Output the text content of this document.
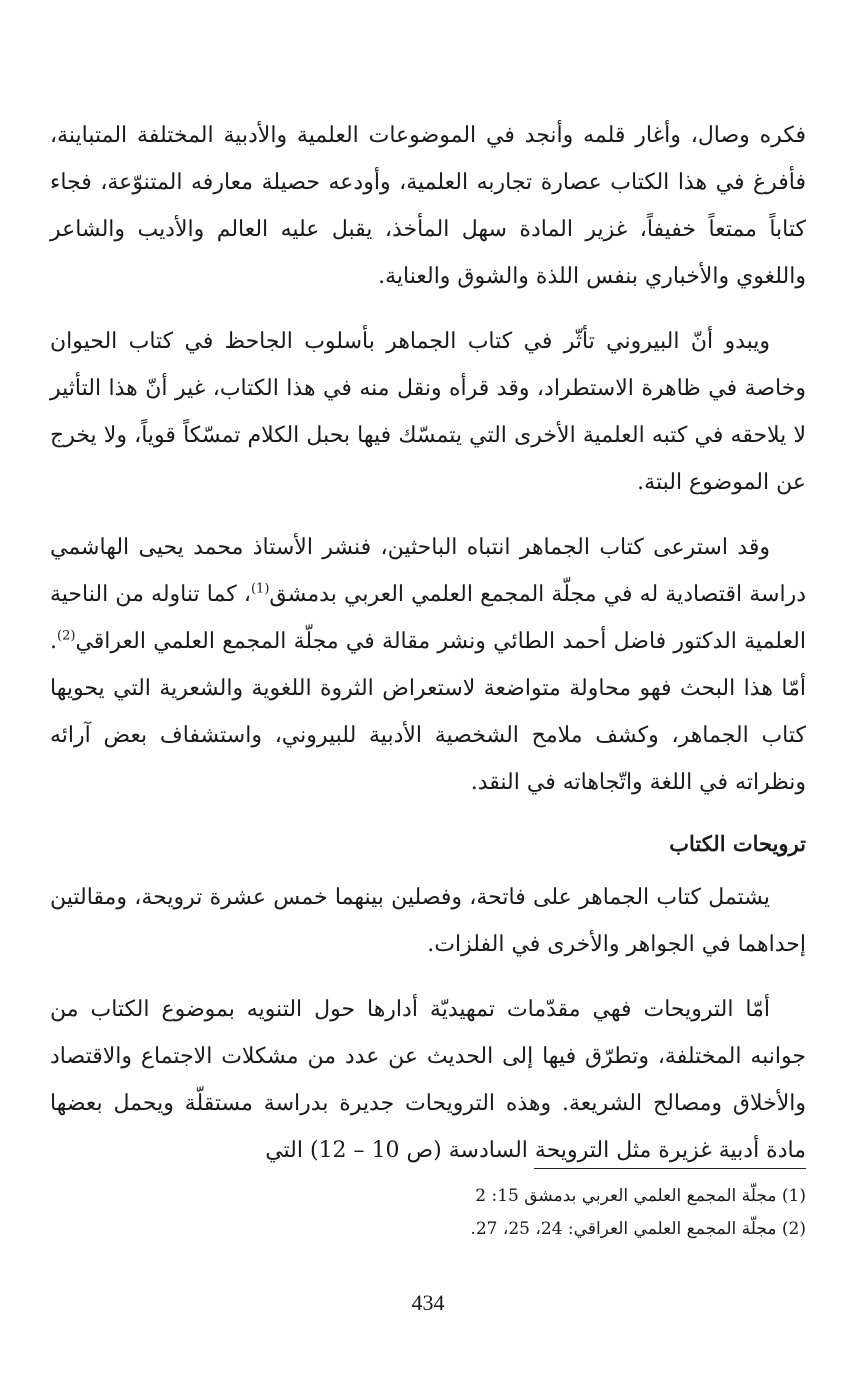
فكره وصال، وأغار قلمه وأنجد في الموضوعات العلمية والأدبية المختلفة المتباينة، فأفرغ في هذا الكتاب عصارة تجاربه العلمية، وأودعه حصيلة معارفه المتنوّعة، فجاء كتاباً ممتعاً خفيفاً، غزير المادة سهل المأخذ، يقبل عليه العالم والأديب والشاعر واللغوي والأخباري بنفس اللذة والشوق والعناية.

ويبدو أنّ البيروني تأثّر في كتاب الجماهر بأسلوب الجاحظ في كتاب الحيوان وخاصة في ظاهرة الاستطراد، وقد قرأه ونقل منه في هذا الكتاب، غير أنّ هذا التأثير لا يلاحقه في كتبه العلمية الأخرى التي يتمسّك فيها بحبل الكلام تمسّكاً قوياً، ولا يخرج عن الموضوع البتة.

وقد استرعى كتاب الجماهر انتباه الباحثين، فنشر الأستاذ محمد يحيى الهاشمي دراسة اقتصادية له في مجلّة المجمع العلمي العربي بدمشق$^{(1)}$، كما تناوله من الناحية العلمية الدكتور فاضل أحمد الطائي ونشر مقالة في مجلّة المجمع العلمي العراقي$^{(2)}$. أمّا هذا البحث فهو محاولة متواضعة لاستعراض الثروة اللغوية والشعرية التي يحويها كتاب الجماهر، وكشف ملامح الشخصية الأدبية للبيروني، واستشفاف بعض آرائه ونظراته في اللغة واتّجاهاته في النقد.

ترويحات الكتاب

يشتمل كتاب الجماهر على فاتحة، وفصلين بينهما خمس عشرة ترويحة، ومقالتين إحداهما في الجواهر والأخرى في الفلزات.

أمّا الترويحات فهي مقدّمات تمهيديّة أدارها حول التنويه بموضوع الكتاب من جوانبه المختلفة، وتطرّق فيها إلى الحديث عن عدد من مشكلات الاجتماع والاقتصاد والأخلاق ومصالح الشريعة. وهذه الترويحات جديرة بدراسة مستقلّة ويحمل بعضها مادة أدبية غزيرة مثل الترويحة السادسة (ص 10 – 12) التي

(1) مجلّة المجمع العلمي العربي بدمشق 15: 2

(2) مجلّة المجمع العلمي العراقي: 24، 25، 27.

434
